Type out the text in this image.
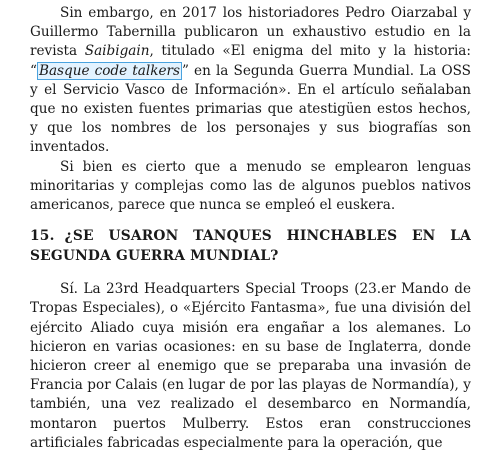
Sin embargo, en 2017 los historiadores Pedro Oiarzabal y Guillermo Tabernilla publicaron un exhaustivo estudio en la revista Saibigain, titulado «El enigma del mito y la historia: “ Basque code talkers ” en la Segunda Guerra Mundial. La OSS y el Servicio Vasco de Información». En el artículo señalaban que no existen fuentes primarias que atestigüen estos hechos, y que los nombres de los personajes y sus biografías son inventados.

Si bien es cierto que a menudo se emplearon lenguas minoritarias y complejas como las de algunos pueblos nativos americanos, parece que nunca se empleó el euskera.

15. ¿SE USARON TANQUES HINCHABLES EN LA SEGUNDA GUERRA MUNDIAL?

Sí. La 23rd Headquarters Special Troops (23.er Mando de Tropas Especiales), o «Ejército Fantasma», fue una división del ejército Aliado cuya misión era engañar a los alemanes. Lo hicieron en varias ocasiones: en su base de Inglaterra, donde hicieron creer al enemigo que se preparaba una invasión de Francia por Calais (en lugar de por las playas de Normandía), y también, una vez realizado el desembarco en Normandía, montaron puertos Mulberry. Estos eran construcciones artificiales fabricadas especialmente para la operación, que
